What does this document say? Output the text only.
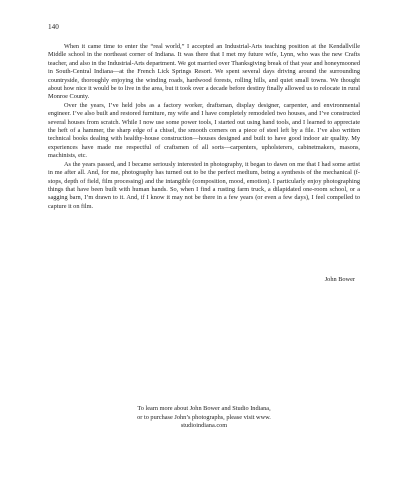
140

When it came time to enter the “real world,” I accepted an Industrial-Arts teaching position at the Kendallville Middle school in the northeast corner of Indiana. It was there that I met my future wife, Lynn, who was the new Crafts teacher, and also in the Industrial-Arts department. We got married over Thanksgiving break of that year and honeymooned in South-Central Indiana—at the French Lick Springs Resort. We spent several days driving around the surrounding countryside, thoroughly enjoying the winding roads, hardwood forests, rolling hills, and quiet small towns. We thought about how nice it would be to live in the area, but it took over a decade before destiny finally allowed us to relocate in rural Monroe County.

Over the years, I’ve held jobs as a factory worker, draftsman, display designer, carpenter, and environmental engineer. I’ve also built and restored furniture, my wife and I have completely remodeled two houses, and I’ve constructed several houses from scratch. While I now use some power tools, I started out using hand tools, and I learned to appreciate the heft of a hammer, the sharp edge of a chisel, the smooth corners on a piece of steel left by a file. I’ve also written technical books dealing with healthy-house construction—houses designed and built to have good indoor air quality. My experiences have made me respectful of craftsmen of all sorts—carpenters, upholsterers, cabinetmakers, masons, machinists, etc.

As the years passed, and I became seriously interested in photography, it began to dawn on me that I had some artist in me after all. And, for me, photography has turned out to be the perfect medium, being a synthesis of the mechanical (f-stops, depth of field, film processing) and the intangible (composition, mood, emotion). I particularly enjoy photographing things that have been built with human hands. So, when I find a rusting farm truck, a dilapidated one-room school, or a sagging barn, I’m drawn to it. And, if I know it may not be there in a few years (or even a few days), I feel compelled to capture it on film.

John Bower
To learn more about John Bower and Studio Indiana,
or to purchase John’s photographs, please visit www.
studioindiana.com
